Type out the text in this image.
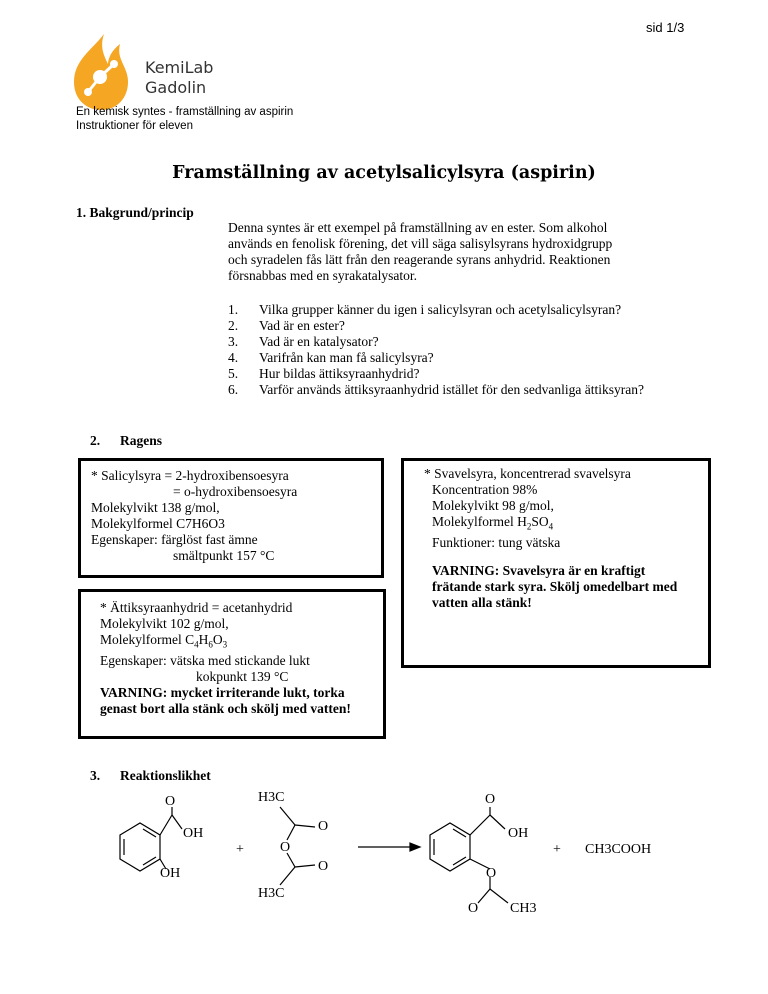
sid 1/3
KemiLab
Gadolin
En kemisk syntes - framställning av aspirin
Instruktioner för eleven
Framställning av acetylsalicylsyra (aspirin)
1. Bakgrund/princip
Denna syntes är ett exempel på framställning av en ester. Som alkohol
används en fenolisk förening, det vill säga salisylsyrans hydroxidgrupp
och syradelen fås lätt från den reagerande syrans anhydrid. Reaktionen
försnabbas med en syrakatalysator.
1.	Vilka grupper känner du igen i salicylsyran och acetylsalicylsyran?
2.	Vad är en ester?
3.	Vad är en katalysator?
4.	Varifrån kan man få salicylsyra?
5.	Hur bildas ättiksyraanhydrid?
6.	Varför används ättiksyraanhydrid istället för den sedvanliga ättiksyran?
2. Ragens
* Salicylsyra = 2-hydroxibensoesyra
= o-hydroxibensoesyra
Molekylvikt 138 g/mol,
Molekylformel C7H6O3
Egenskaper: färglöst fast ämne
smältpunkt 157 °C
* Ättiksyraanhydrid = acetanhydrid
Molekylvikt 102 g/mol,
Molekylformel $C_4H_6O_3$
Egenskaper: vätska med stickande lukt
kokpunkt 139 °C
VARNING: mycket irriterande lukt, torka genast bort alla stänk och skölj med vatten!
* Svavelsyra, koncentrerad svavelsyra
Koncentration 98%
Molekylvikt 98 g/mol,
Molekylformel $H_2SO_4$
Funktioner: tung vätska
VARNING: Svavelsyra är en kraftigt frätande stark syra. Skölj omedelbart med vatten alla stänk!
3. Reaktionslikhet
O
OH
OH
+
H3C
O
O
O
H3C
O
OH
O
O CH3
+ CH3COOH
